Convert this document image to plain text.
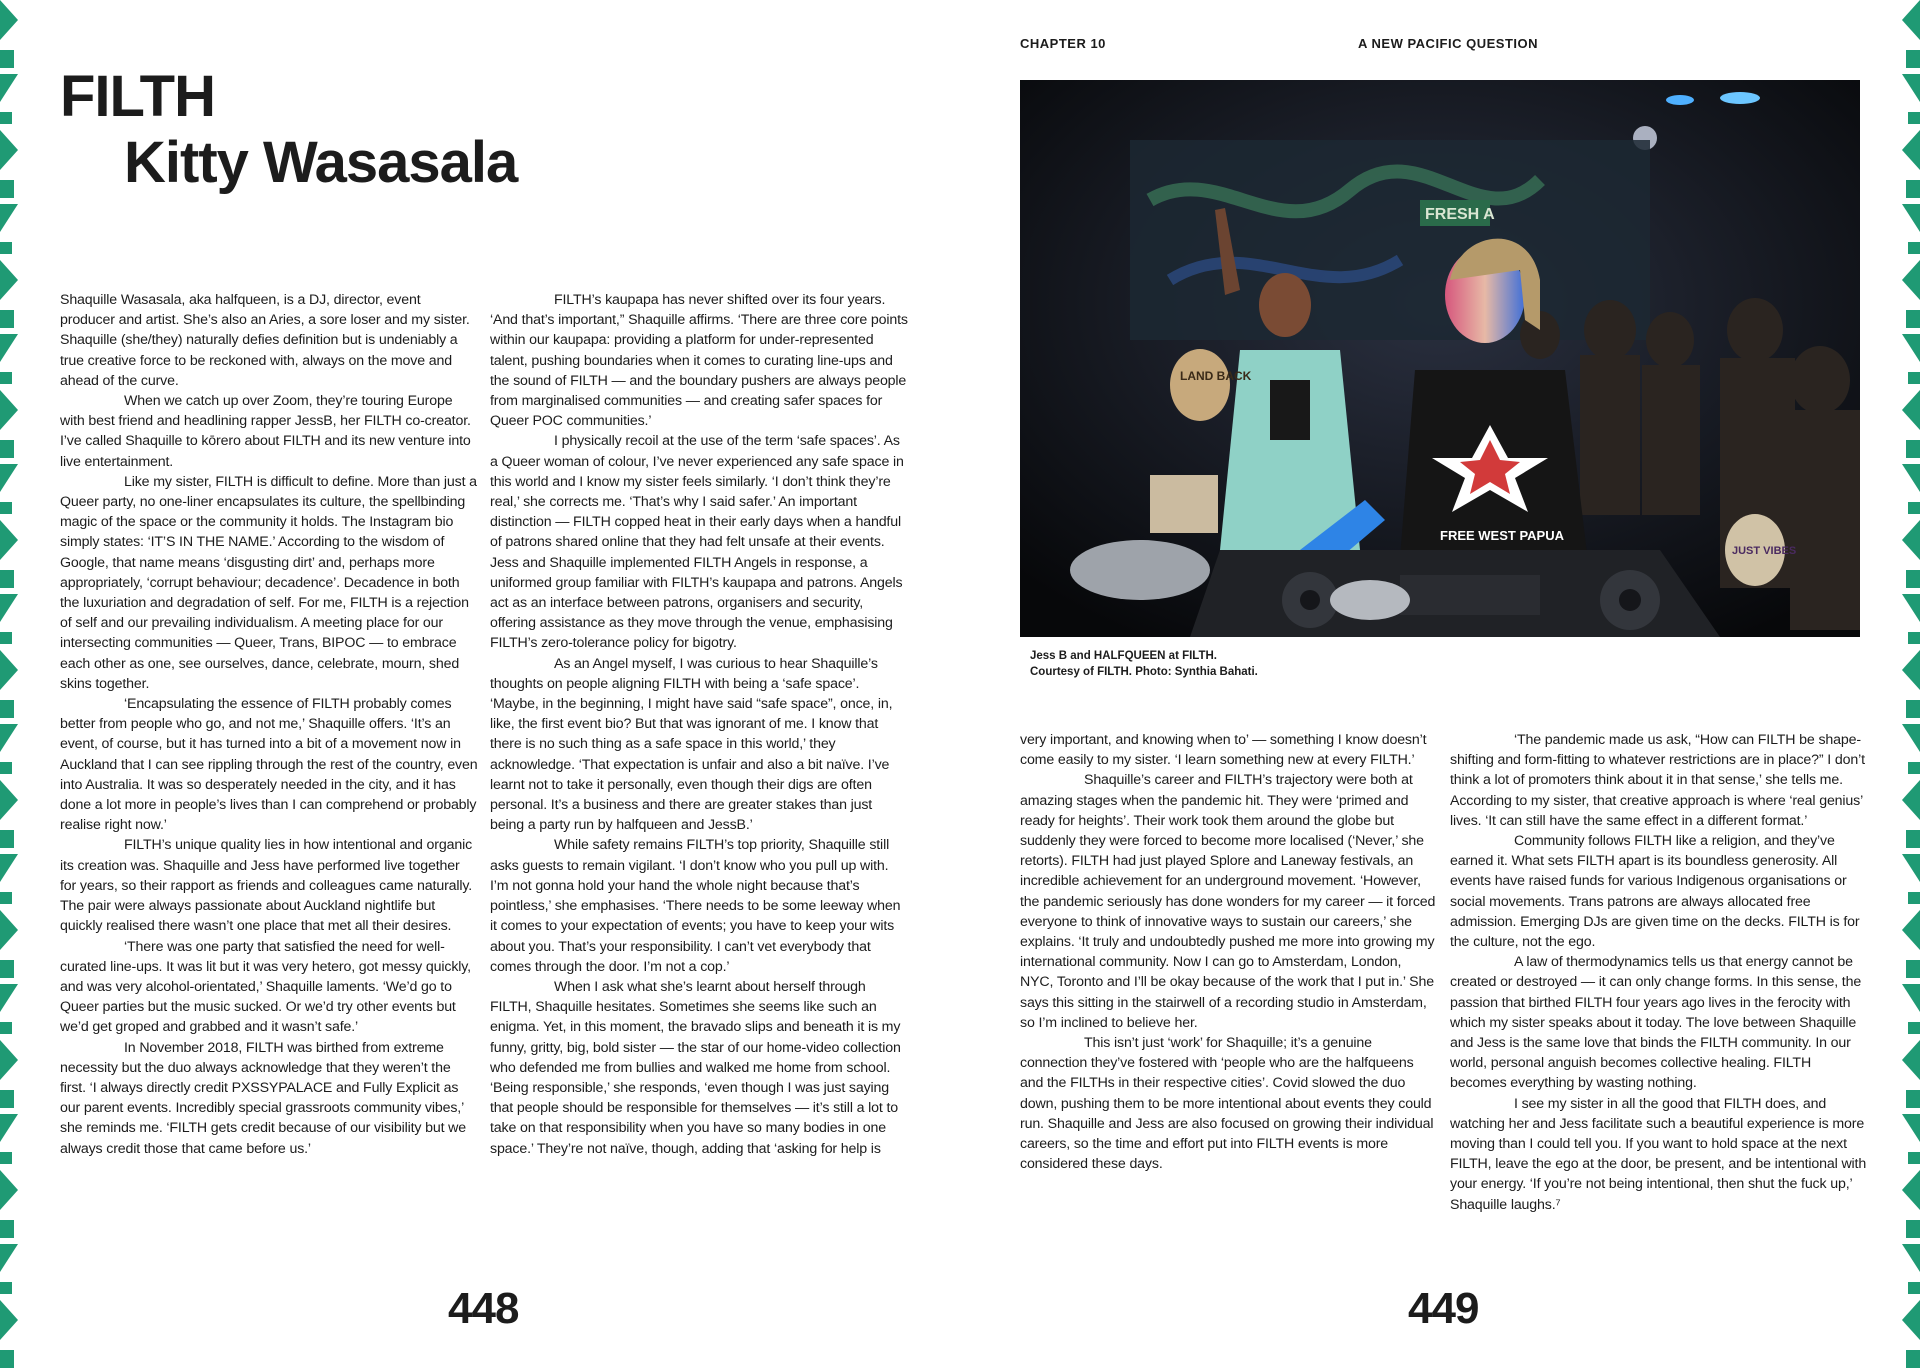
FILTH
Kitty Wasasala

Shaquille Wasasala, aka halfqueen, is a DJ, director, event producer and artist. She’s also an Aries, a sore loser and my sister. Shaquille (she/they) naturally defies definition but is undeniably a true creative force to be reckoned with, always on the move and ahead of the curve.

When we catch up over Zoom, they’re touring Europe with best friend and headlining rapper JessB, her FILTH co-creator. I’ve called Shaquille to kōrero about FILTH and its new venture into live entertainment.

Like my sister, FILTH is difficult to define. More than just a Queer party, no one-liner encapsulates its culture, the spellbinding magic of the space or the community it holds. The Instagram bio simply states: ‘IT’S IN THE NAME.’ According to the wisdom of Google, that name means ‘disgusting dirt’ and, perhaps more appropriately, ‘corrupt behaviour; decadence’. Decadence in both the luxuriation and degradation of self. For me, FILTH is a rejection of self and our prevailing individualism. A meeting place for our intersecting communities — Queer, Trans, BIPOC — to embrace each other as one, see ourselves, dance, celebrate, mourn, shed skins together.

‘Encapsulating the essence of FILTH probably comes better from people who go, and not me,’ Shaquille offers. ‘It’s an event, of course, but it has turned into a bit of a movement now in Auckland that I can see rippling through the rest of the country, even into Australia. It was so desperately needed in the city, and it has done a lot more in people’s lives than I can comprehend or probably realise right now.’

FILTH’s unique quality lies in how intentional and organic its creation was. Shaquille and Jess have performed live together for years, so their rapport as friends and colleagues came naturally. The pair were always passionate about Auckland nightlife but quickly realised there wasn’t one place that met all their desires.

‘There was one party that satisfied the need for well-curated line-ups. It was lit but it was very hetero, got messy quickly, and was very alcohol-orientated,’ Shaquille laments. ‘We’d go to Queer parties but the music sucked. Or we’d try other events but we’d get groped and grabbed and it wasn’t safe.’

In November 2018, FILTH was birthed from extreme necessity but the duo always acknowledge that they weren’t the first. ‘I always directly credit PXSSYPALACE and Fully Explicit as our parent events. Incredibly special grassroots community vibes,’ she reminds me. ‘FILTH gets credit because of our visibility but we always credit those that came before us.’

FILTH’s kaupapa has never shifted over its four years. ‘And that’s important,” Shaquille affirms. ‘There are three core points within our kaupapa: providing a platform for under-represented talent, pushing boundaries when it comes to curating line-ups and the sound of FILTH — and the boundary pushers are always people from marginalised communities — and creating safer spaces for Queer POC communities.’

I physically recoil at the use of the term ‘safe spaces’. As a Queer woman of colour, I’ve never experienced any safe space in this world and I know my sister feels similarly. ‘I don’t think they’re real,’ she corrects me. ‘That’s why I said safer.’ An important distinction — FILTH copped heat in their early days when a handful of patrons shared online that they had felt unsafe at their events. Jess and Shaquille implemented FILTH Angels in response, a uniformed group familiar with FILTH’s kaupapa and patrons. Angels act as an interface between patrons, organisers and security, offering assistance as they move through the venue, emphasising FILTH’s zero-tolerance policy for bigotry.

As an Angel myself, I was curious to hear Shaquille’s thoughts on people aligning FILTH with being a ‘safe space’. ‘Maybe, in the beginning, I might have said “safe space”, once, in, like, the first event bio? But that was ignorant of me. I know that there is no such thing as a safe space in this world,’ they acknowledge. ‘That expectation is unfair and also a bit naïve. I’ve learnt not to take it personally, even though their digs are often personal. It’s a business and there are greater stakes than just being a party run by halfqueen and JessB.’

While safety remains FILTH’s top priority, Shaquille still asks guests to remain vigilant. ‘I don’t know who you pull up with. I’m not gonna hold your hand the whole night because that’s pointless,’ she emphasises. ‘There needs to be some leeway when it comes to your expectation of events; you have to keep your wits about you. That’s your responsibility. I can’t vet everybody that comes through the door. I’m not a cop.’

When I ask what she’s learnt about herself through FILTH, Shaquille hesitates. Sometimes she seems like such an enigma. Yet, in this moment, the bravado slips and beneath it is my funny, gritty, big, bold sister — the star of our home-video collection who defended me from bullies and walked me home from school. ‘Being responsible,’ she responds, ‘even though I was just saying that people should be responsible for themselves — it’s still a lot to take on that responsibility when you have so many bodies in one space.’ They’re not naïve, though, adding that ‘asking for help is

448
CHAPTER 10	A NEW PACIFIC QUESTION
FRESH A
LAND BACK
FREE WEST PAPUA
JUST VIBES
Jess B and HALFQUEEN at FILTH.
Courtesy of FILTH. Photo: Synthia Bahati.

very important, and knowing when to’ — something I know doesn’t come easily to my sister. ‘I learn something new at every FILTH.’

Shaquille’s career and FILTH’s trajectory were both at amazing stages when the pandemic hit. They were ‘primed and ready for heights’. Their work took them around the globe but suddenly they were forced to become more localised (‘Never,’ she retorts). FILTH had just played Splore and Laneway festivals, an incredible achievement for an underground movement. ‘However, the pandemic seriously has done wonders for my career — it forced everyone to think of innovative ways to sustain our careers,’ she explains. ‘It truly and undoubtedly pushed me more into growing my international community. Now I can go to Amsterdam, London, NYC, Toronto and I’ll be okay because of the work that I put in.’ She says this sitting in the stairwell of a recording studio in Amsterdam, so I’m inclined to believe her.

This isn’t just ‘work’ for Shaquille; it’s a genuine connection they’ve fostered with ‘people who are the halfqueens and the FILTHs in their respective cities’. Covid slowed the duo down, pushing them to be more intentional about events they could run. Shaquille and Jess are also focused on growing their individual careers, so the time and effort put into FILTH events is more considered these days.

‘The pandemic made us ask, “How can FILTH be shape-shifting and form-fitting to whatever restrictions are in place?” I don’t think a lot of promoters think about it in that sense,’ she tells me. According to my sister, that creative approach is where ‘real genius’ lives. ‘It can still have the same effect in a different format.’

Community follows FILTH like a religion, and they’ve earned it. What sets FILTH apart is its boundless generosity. All events have raised funds for various Indigenous organisations or social movements. Trans patrons are always allocated free admission. Emerging DJs are given time on the decks. FILTH is for the culture, not the ego.

A law of thermodynamics tells us that energy cannot be created or destroyed — it can only change forms. In this sense, the passion that birthed FILTH four years ago lives in the ferocity with which my sister speaks about it today. The love between Shaquille and Jess is the same love that binds the FILTH community. In our world, personal anguish becomes collective healing. FILTH becomes everything by wasting nothing.

I see my sister in all the good that FILTH does, and watching her and Jess facilitate such a beautiful experience is more moving than I could tell you. If you want to hold space at the next FILTH, leave the ego at the door, be present, and be intentional with your energy. ‘If you’re not being intentional, then shut the fuck up,’ Shaquille laughs.⁷

449
